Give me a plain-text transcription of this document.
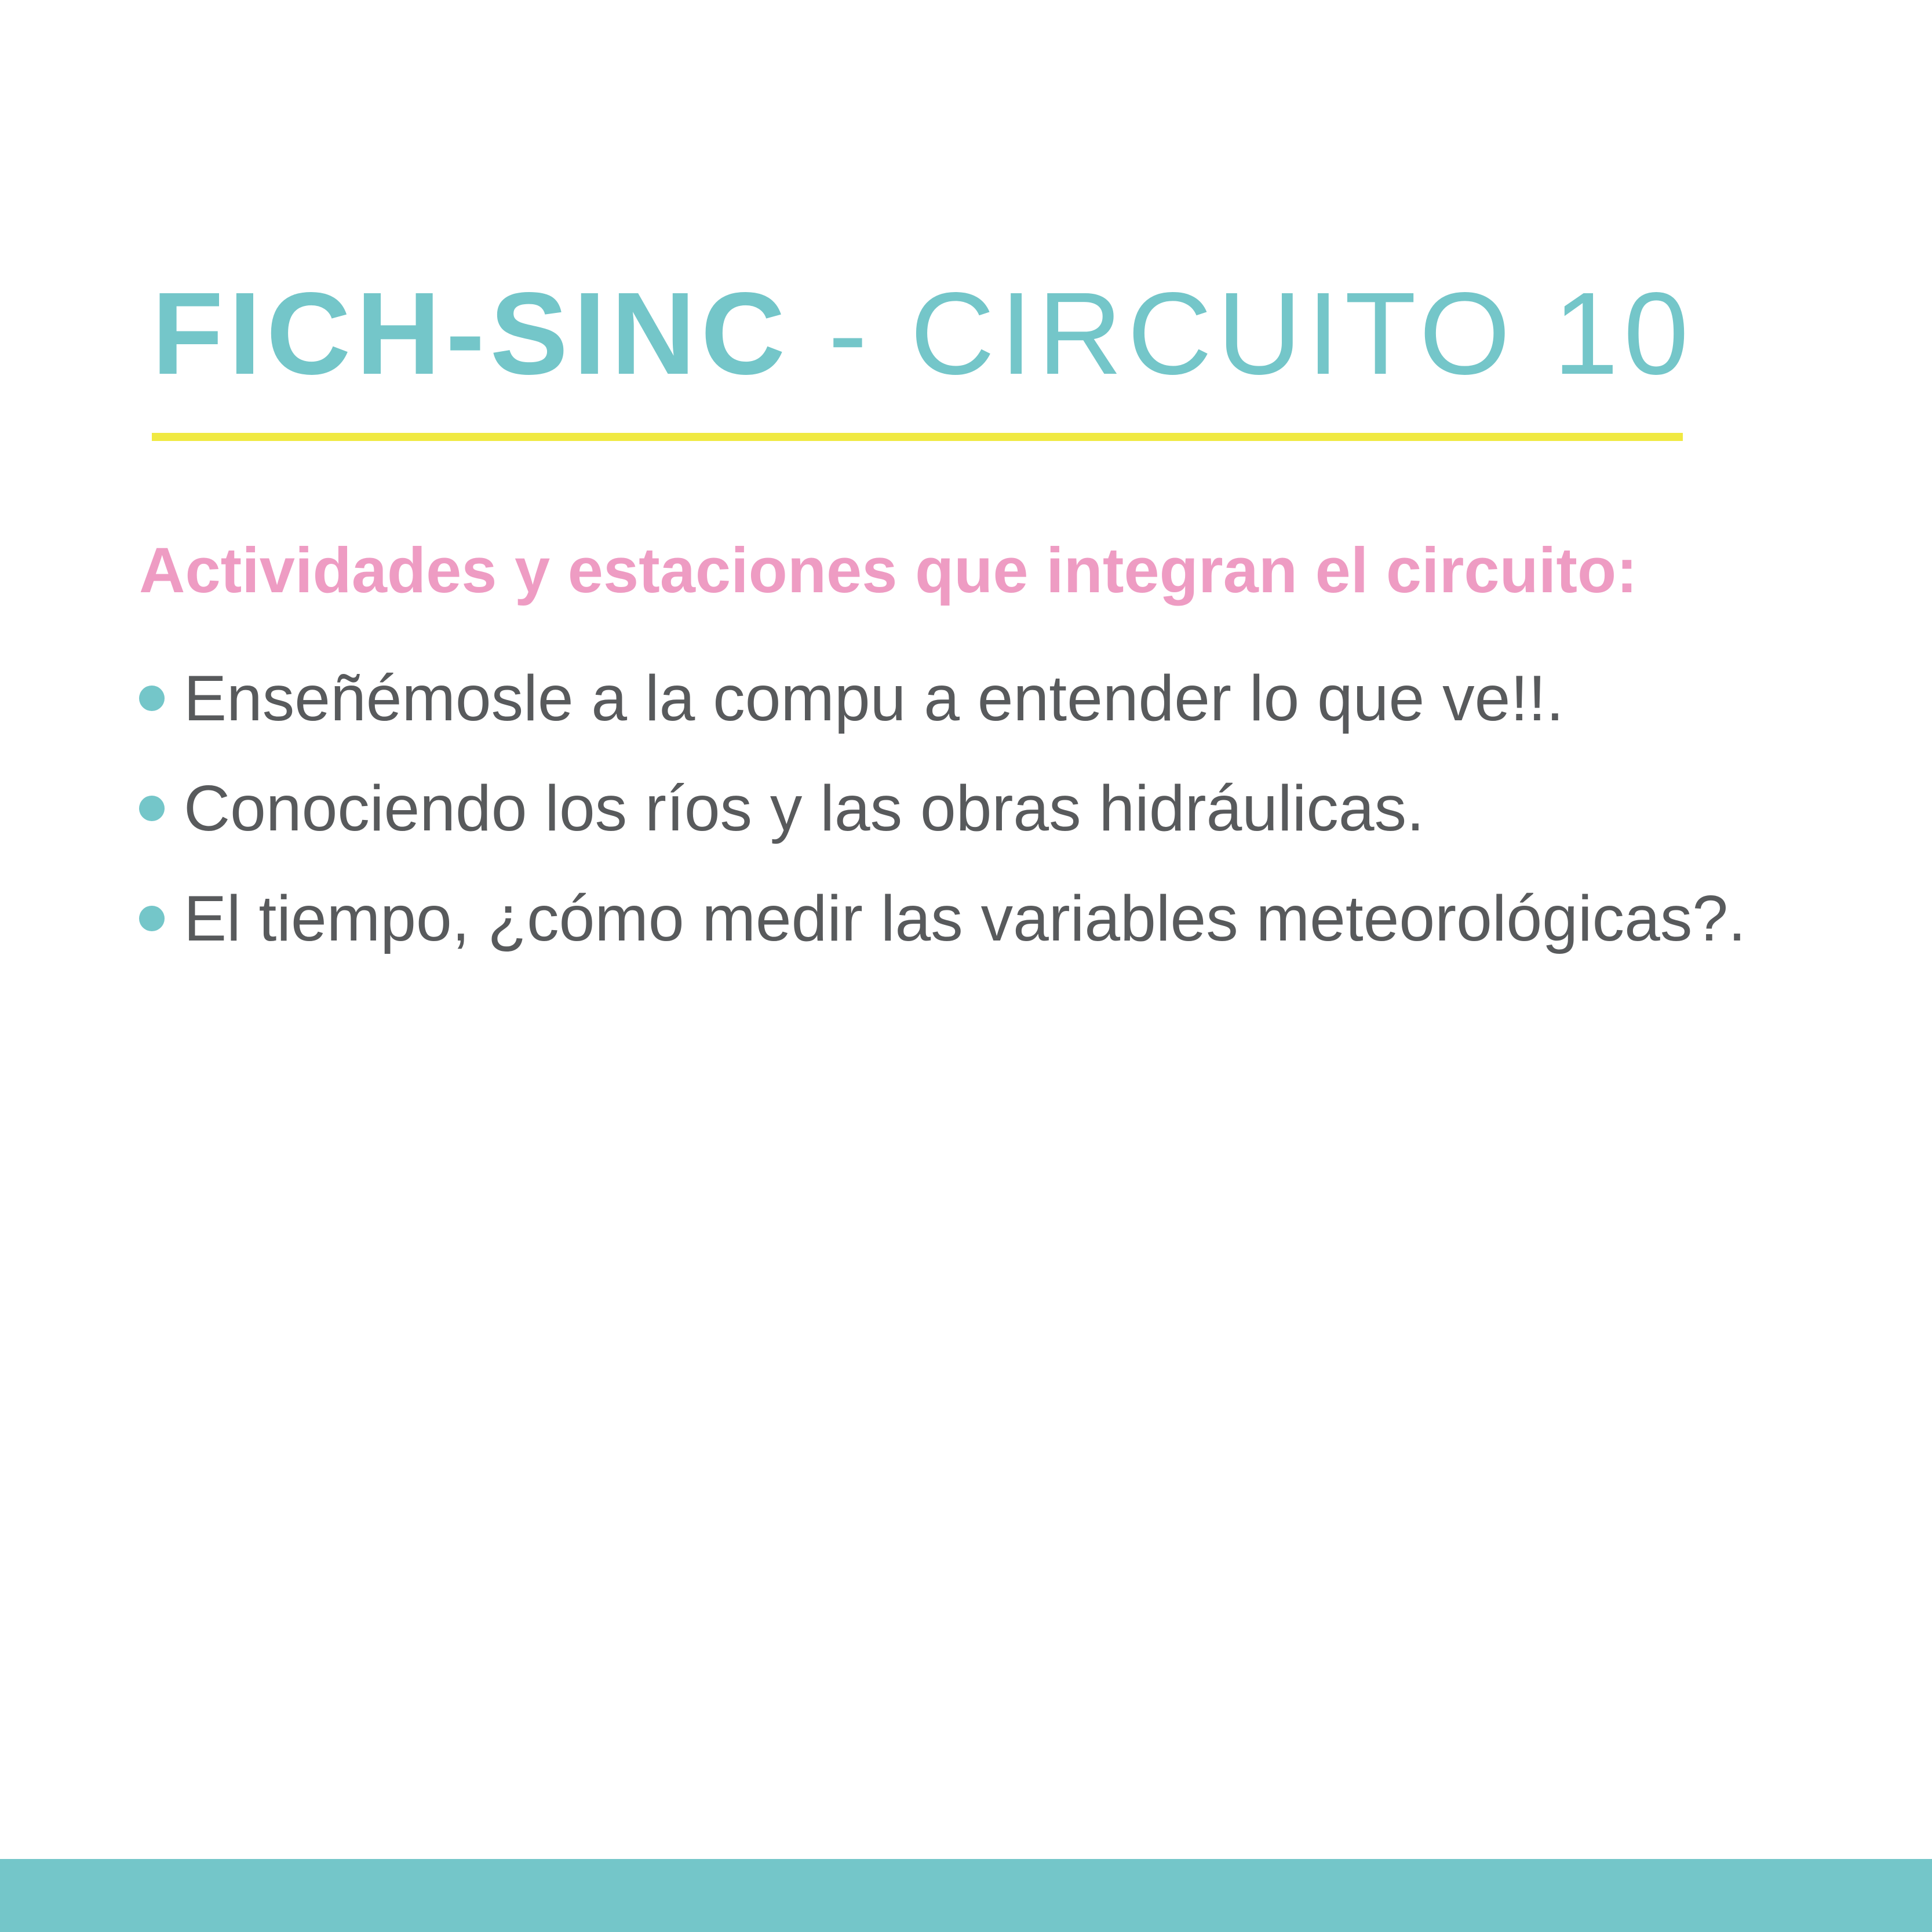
FICH-SINC - CIRCUITO 10
Actividades y estaciones que integran el circuito:
Enseñémosle a la compu a entender lo que ve!!.
Conociendo los ríos y las obras hidráulicas.
El tiempo, ¿cómo medir las variables meteorológicas?.
